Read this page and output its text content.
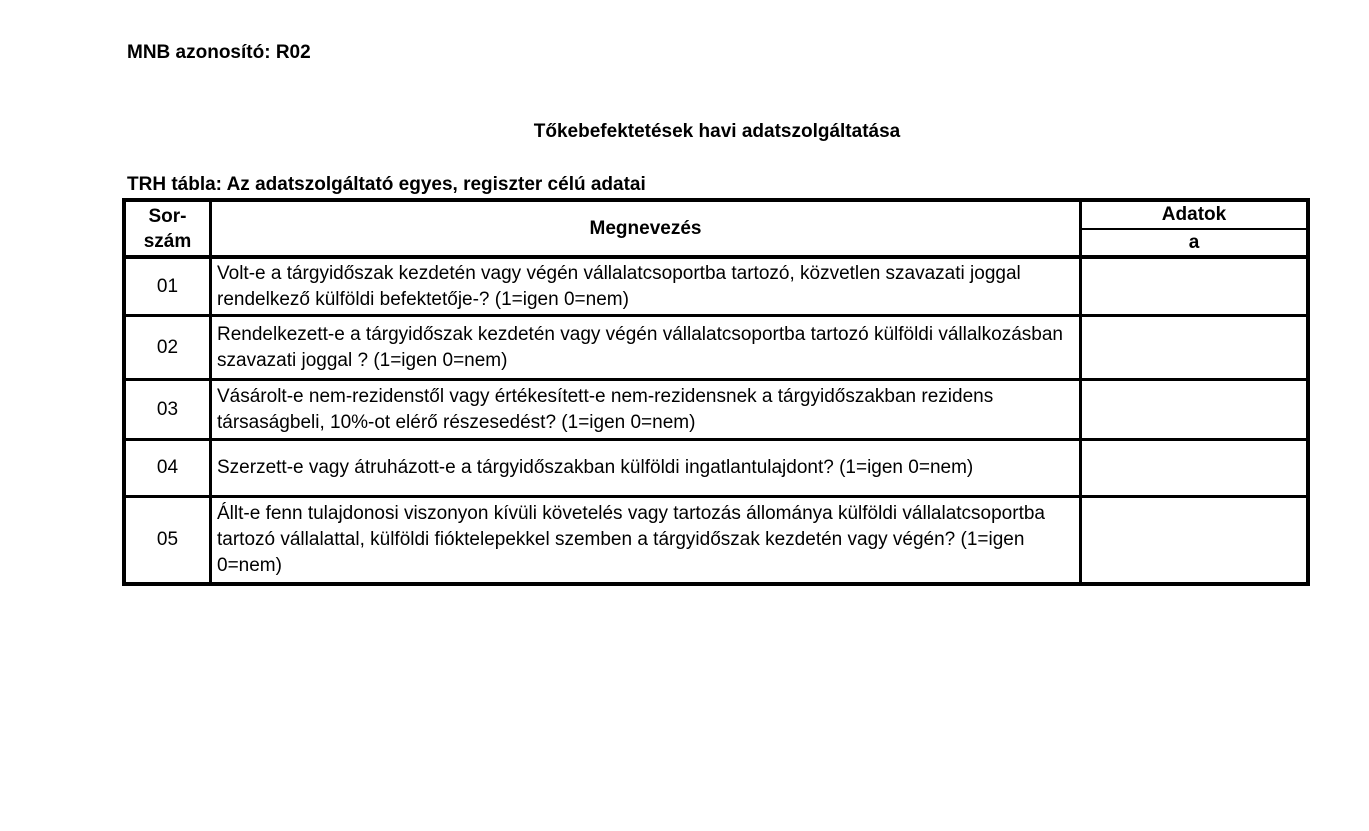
MNB azonosító: R02
Tőkebefektetések havi adatszolgáltatása
TRH tábla: Az adatszolgáltató egyes, regiszter célú adatai
Sor-
szám
Megnevezés
Adatok
a
01
Volt-e a tárgyidőszak kezdetén vagy végén vállalatcsoportba tartozó, közvetlen szavazati joggal rendelkező külföldi befektetője-? (1=igen 0=nem)
02
Rendelkezett-e a tárgyidőszak kezdetén vagy végén vállalatcsoportba tartozó külföldi vállalkozásban szavazati joggal ? (1=igen 0=nem)
03
Vásárolt-e nem-rezidenstől vagy értékesített-e nem-rezidensnek a tárgyidőszakban rezidens társaságbeli, 10%-ot elérő részesedést? (1=igen 0=nem)
04	Szerzett-e vagy átruházott-e a tárgyidőszakban külföldi ingatlantulajdont? (1=igen 0=nem)
05
Állt-e fenn tulajdonosi viszonyon kívüli követelés vagy tartozás állománya külföldi vállalatcsoportba tartozó vállalattal, külföldi fióktelepekkel szemben a tárgyidőszak kezdetén vagy végén? (1=igen 0=nem)
